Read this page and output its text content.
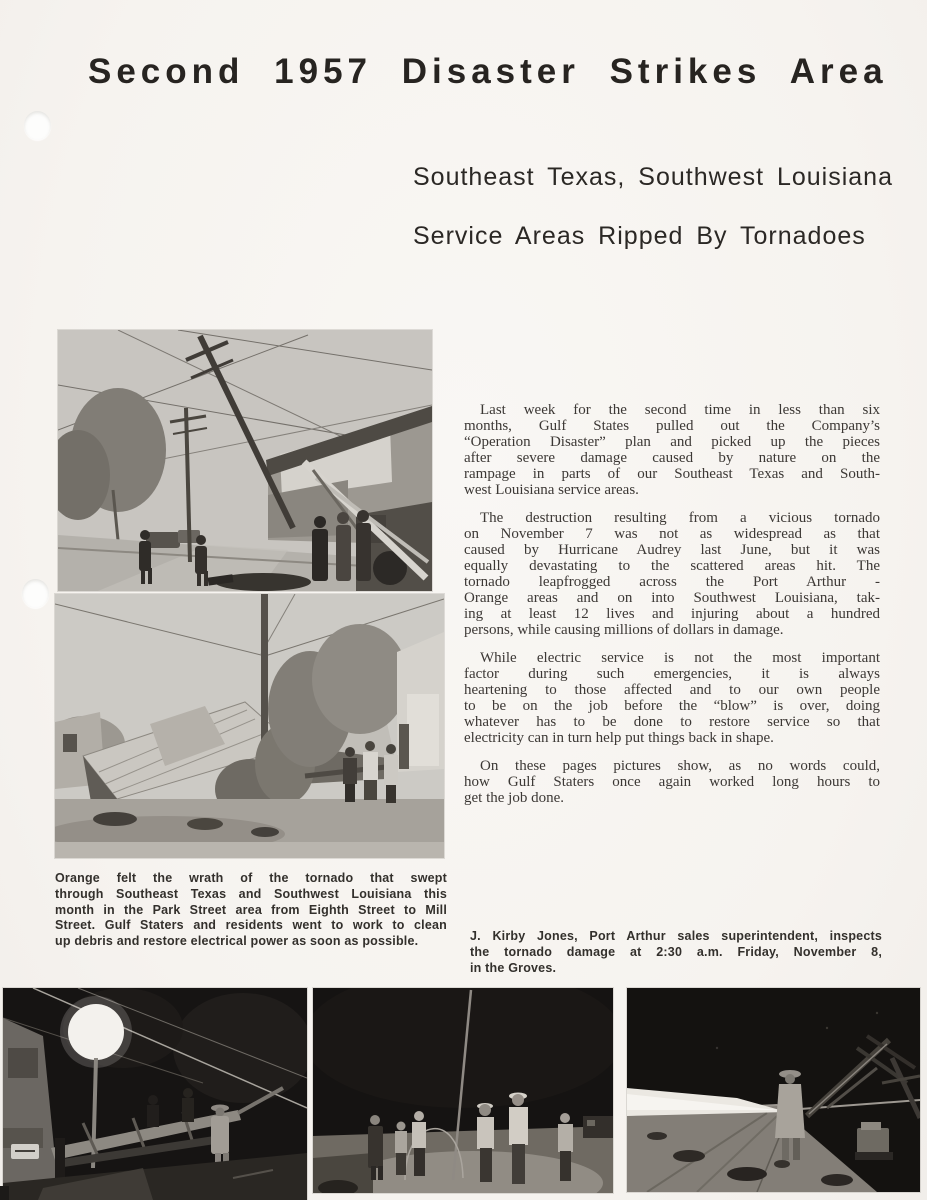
Second 1957 Disaster Strikes Area
Southeast Texas, Southwest Louisiana
Service Areas Ripped By Tornadoes
Orange felt the wrath of the tornado that swept
through Southeast Texas and Southwest Louisiana this
month in the Park Street area from Eighth Street to Mill
Street. Gulf Staters and residents went to work to clean
up debris and restore electrical power as soon as possible.
Last week for the second time in less than six
months, Gulf States pulled out the Company’s
“Operation Disaster” plan and picked up the pieces
after severe damage caused by nature on the
rampage in parts of our Southeast Texas and South-
west Louisiana service areas.
The destruction resulting from a vicious tornado
on November 7 was not as widespread as that
caused by Hurricane Audrey last June, but it was
equally devastating to the scattered areas hit. The
tornado leapfrogged across the Port Arthur -
Orange areas and on into Southwest Louisiana, tak-
ing at least 12 lives and injuring about a hundred
persons, while causing millions of dollars in damage.
While electric service is not the most important
factor during such emergencies, it is always
heartening to those affected and to our own people
to be on the job before the “blow” is over, doing
whatever has to be done to restore service so that
electricity can in turn help put things back in shape.
On these pages pictures show, as no words could,
how Gulf Staters once again worked long hours to
get the job done.
J. Kirby Jones, Port Arthur sales superintendent, inspects
the tornado damage at 2:30 a.m. Friday, November 8,
in the Groves.
